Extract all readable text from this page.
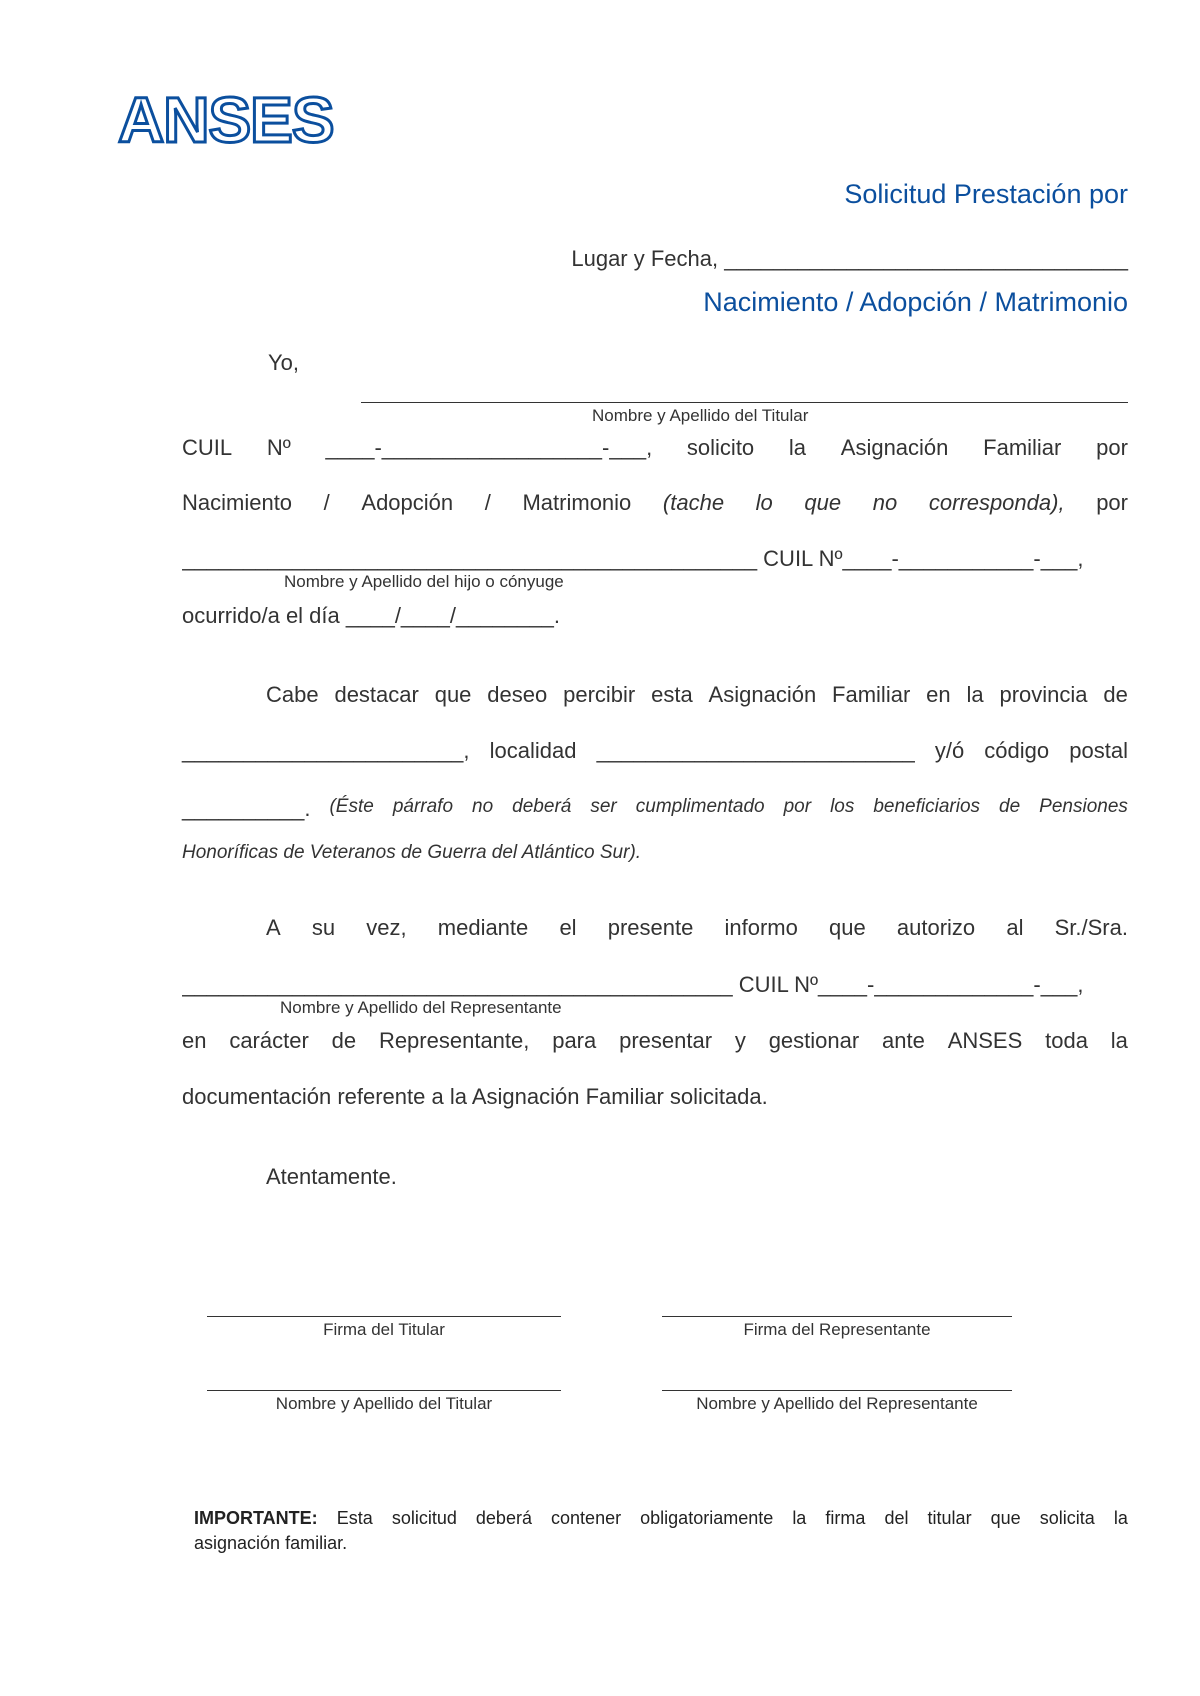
ANSES

Solicitud Prestación por

Nacimiento / Adopción / Matrimonio

Lugar y Fecha, _________________________________
Yo,
Nombre y Apellido del Titular
CUIL Nº ____-__________________-___, solicito la Asignación Familiar por
Nacimiento / Adopción / Matrimonio (tache lo que no corresponda), por
_______________________________________________ CUIL Nº____-___________-___,
Nombre y Apellido del hijo o cónyuge
ocurrido/a el día ____/____/________.
Cabe destacar que deseo percibir esta Asignación Familiar en la provincia de
_______________________, localidad __________________________ y/ó código postal
__________. (Éste párrafo no deberá ser cumplimentado por los beneficiarios de Pensiones
Honoríficas de Veteranos de Guerra del Atlántico Sur).
A su vez, mediante el presente informo que autorizo al Sr./Sra.
_____________________________________________ CUIL Nº____-_____________-___,
Nombre y Apellido del Representante
en carácter de Representante, para presentar y gestionar ante ANSES toda la
documentación referente a la Asignación Familiar solicitada.
Atentamente.
Firma del Titular	Firma del Representante
Nombre y Apellido del Titular	Nombre y Apellido del Representante
IMPORTANTE: Esta solicitud deberá contener obligatoriamente la firma del titular que solicita la
asignación familiar.
